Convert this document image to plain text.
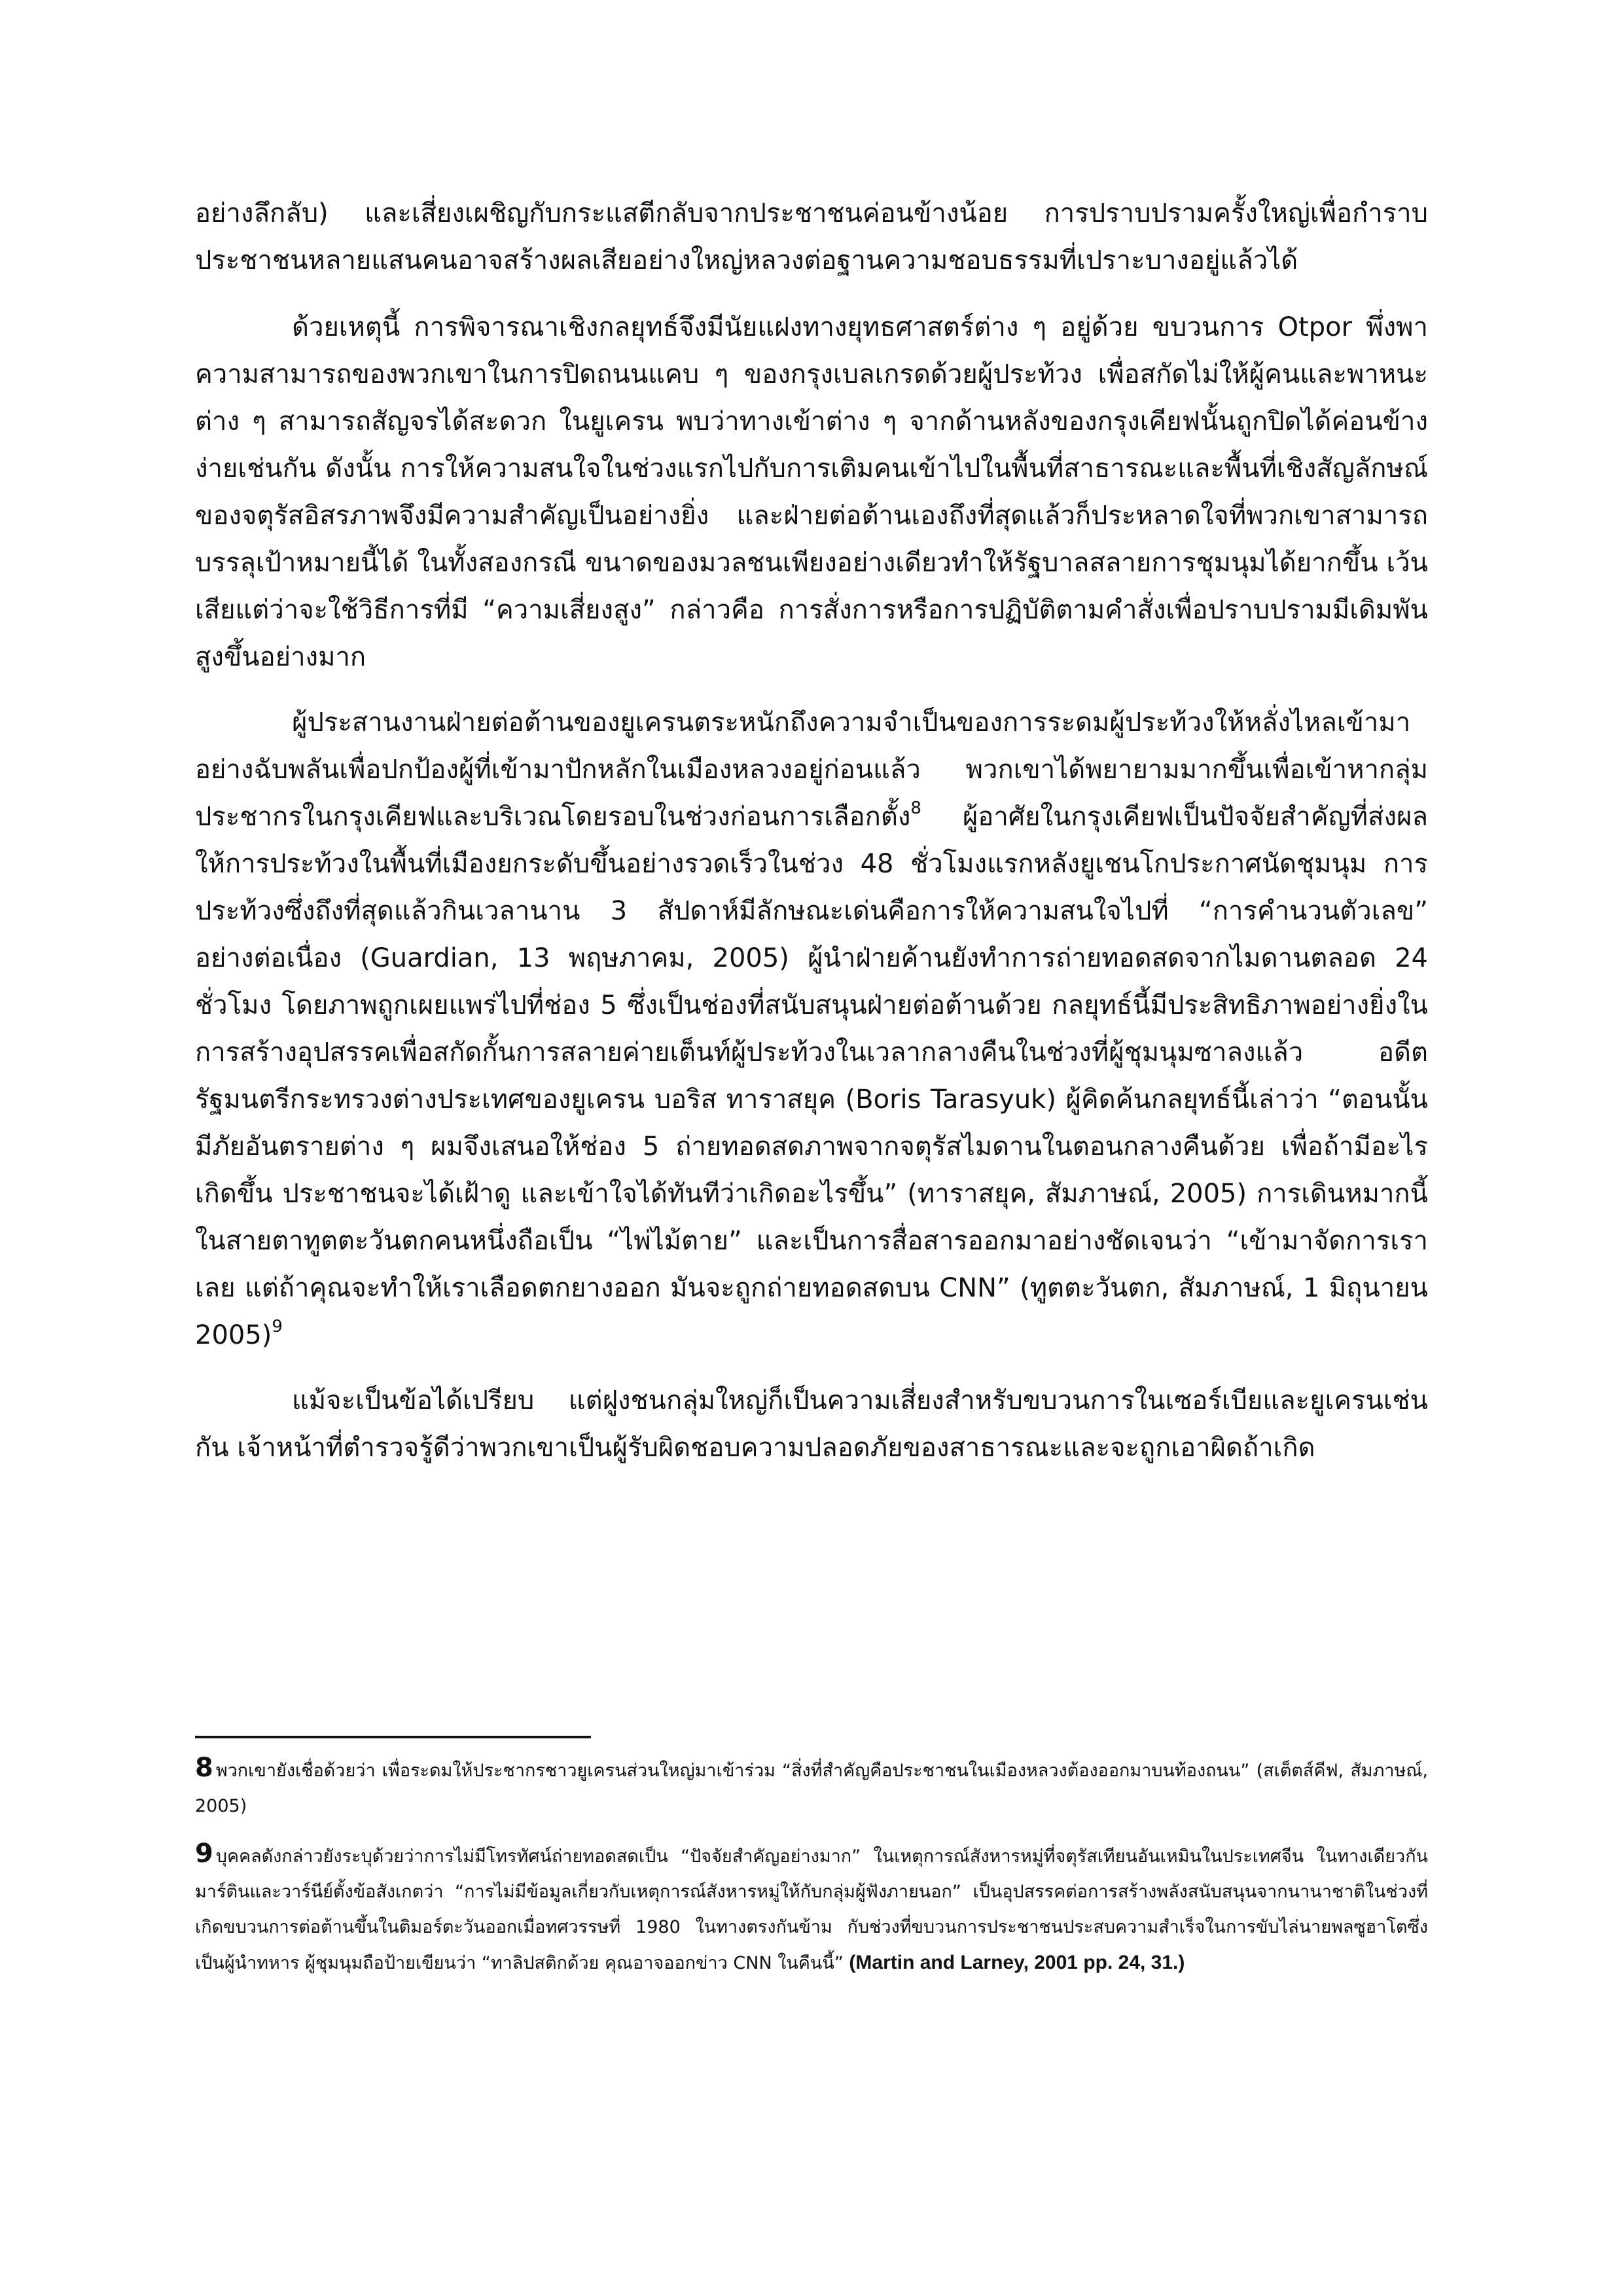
อย่างลึกลับ) และเสี่ยงเผชิญกับกระแสตีกลับจากประชาชนค่อนข้างน้อย การปราบปรามครั้งใหญ่เพื่อกำราบประชาชนหลายแสนคนอาจสร้างผลเสียอย่างใหญ่หลวงต่อฐานความชอบธรรมที่เปราะบางอยู่แล้วได้

ด้วยเหตุนี้ การพิจารณาเชิงกลยุทธ์จึงมีนัยแฝงทางยุทธศาสตร์ต่าง ๆ อยู่ด้วย ขบวนการ Otpor พึ่งพาความสามารถของพวกเขาในการปิดถนนแคบ ๆ ของกรุงเบลเกรดด้วยผู้ประท้วง เพื่อสกัดไม่ให้ผู้คนและพาหนะต่าง ๆ สามารถสัญจรได้สะดวก ในยูเครน พบว่าทางเข้าต่าง ๆ จากด้านหลังของกรุงเคียฟนั้นถูกปิดได้ค่อนข้างง่ายเช่นกัน ดังนั้น การให้ความสนใจในช่วงแรกไปกับการเติมคนเข้าไปในพื้นที่สาธารณะและพื้นที่เชิงสัญลักษณ์ของจตุรัสอิสรภาพจึงมีความสำคัญเป็นอย่างยิ่ง และฝ่ายต่อต้านเองถึงที่สุดแล้วก็ประหลาดใจที่พวกเขาสามารถบรรลุเป้าหมายนี้ได้ ในทั้งสองกรณี ขนาดของมวลชนเพียงอย่างเดียวทำให้รัฐบาลสลายการชุมนุมได้ยากขึ้น เว้นเสียแต่ว่าจะใช้วิธีการที่มี “ความเสี่ยงสูง” กล่าวคือ การสั่งการหรือการปฏิบัติตามคำสั่งเพื่อปราบปรามมีเดิมพันสูงขึ้นอย่างมาก

ผู้ประสานงานฝ่ายต่อต้านของยูเครนตระหนักถึงความจำเป็นของการระดมผู้ประท้วงให้หลั่งไหลเข้ามาอย่างฉับพลันเพื่อปกป้องผู้ที่เข้ามาปักหลักในเมืองหลวงอยู่ก่อนแล้ว พวกเขาได้พยายามมากขึ้นเพื่อเข้าหากลุ่มประชากรในกรุงเคียฟและบริเวณโดยรอบในช่วงก่อนการเลือกตั้ง$^8$ ผู้อาศัยในกรุงเคียฟเป็นปัจจัยสำคัญที่ส่งผลให้การประท้วงในพื้นที่เมืองยกระดับขึ้นอย่างรวดเร็วในช่วง 48 ชั่วโมงแรกหลังยูเชนโกประกาศนัดชุมนุม การประท้วงซึ่งถึงที่สุดแล้วกินเวลานาน 3 สัปดาห์มีลักษณะเด่นคือการให้ความสนใจไปที่ “การคำนวนตัวเลข” อย่างต่อเนื่อง (Guardian, 13 พฤษภาคม, 2005) ผู้นำฝ่ายค้านยังทำการถ่ายทอดสดจากไมดานตลอด 24 ชั่วโมง โดยภาพถูกเผยแพร่ไปที่ช่อง 5 ซึ่งเป็นช่องที่สนับสนุนฝ่ายต่อต้านด้วย กลยุทธ์นี้มีประสิทธิภาพอย่างยิ่งในการสร้างอุปสรรคเพื่อสกัดกั้นการสลายค่ายเต็นท์ผู้ประท้วงในเวลากลางคืนในช่วงที่ผู้ชุมนุมซาลงแล้ว อดีตรัฐมนตรีกระทรวงต่างประเทศของยูเครน บอริส ทาราสยุค (Boris Tarasyuk) ผู้คิดค้นกลยุทธ์นี้เล่าว่า “ตอนนั้นมีภัยอันตรายต่าง ๆ ผมจึงเสนอให้ช่อง 5 ถ่ายทอดสดภาพจากจตุรัสไมดานในตอนกลางคืนด้วย เพื่อถ้ามีอะไรเกิดขึ้น ประชาชนจะได้เฝ้าดู และเข้าใจได้ทันทีว่าเกิดอะไรขึ้น” (ทาราสยุค, สัมภาษณ์, 2005) การเดินหมากนี้ในสายตาทูตตะวันตกคนหนึ่งถือเป็น “ไพ่ไม้ตาย” และเป็นการสื่อสารออกมาอย่างชัดเจนว่า “เข้ามาจัดการเราเลย แต่ถ้าคุณจะทำให้เราเลือดตกยางออก มันจะถูกถ่ายทอดสดบน CNN” (ทูตตะวันตก, สัมภาษณ์, 1 มิถุนายน 2005)$^9$

แม้จะเป็นข้อได้เปรียบ แต่ฝูงชนกลุ่มใหญ่ก็เป็นความเสี่ยงสำหรับขบวนการในเซอร์เบียและยูเครนเช่นกัน เจ้าหน้าที่ตำรวจรู้ดีว่าพวกเขาเป็นผู้รับผิดชอบความปลอดภัยของสาธารณะและจะถูกเอาผิดถ้าเกิด

8 พวกเขายังเชื่อด้วยว่า เพื่อระดมให้ประชากรชาวยูเครนส่วนใหญ่มาเข้าร่วม “สิ่งที่สำคัญคือประชาชนในเมืองหลวงต้องออกมาบนท้องถนน” (สเต็ตส์คีฟ, สัมภาษณ์, 2005)

9 บุคคลดังกล่าวยังระบุด้วยว่าการไม่มีโทรทัศน์ถ่ายทอดสดเป็น “ปัจจัยสำคัญอย่างมาก” ในเหตุการณ์สังหารหมู่ที่จตุรัสเทียนอันเหมินในประเทศจีน ในทางเดียวกัน มาร์ตินและวาร์นีย์ตั้งข้อสังเกตว่า “การไม่มีข้อมูลเกี่ยวกับเหตุการณ์สังหารหมู่ให้กับกลุ่มผู้ฟังภายนอก” เป็นอุปสรรคต่อการสร้างพลังสนับสนุนจากนานาชาติในช่วงที่เกิดขบวนการต่อต้านขึ้นในติมอร์ตะวันออกเมื่อทศวรรษที่ 1980 ในทางตรงกันข้าม กับช่วงที่ขบวนการประชาชนประสบความสำเร็จในการขับไล่นายพลซูฮาโตซึ่งเป็นผู้นำทหาร ผู้ชุมนุมถือป้ายเขียนว่า “ทาลิปสติกด้วย คุณอาจออกข่าว CNN ในคืนนี้” (Martin and Larney, 2001 pp. 24, 31.)
